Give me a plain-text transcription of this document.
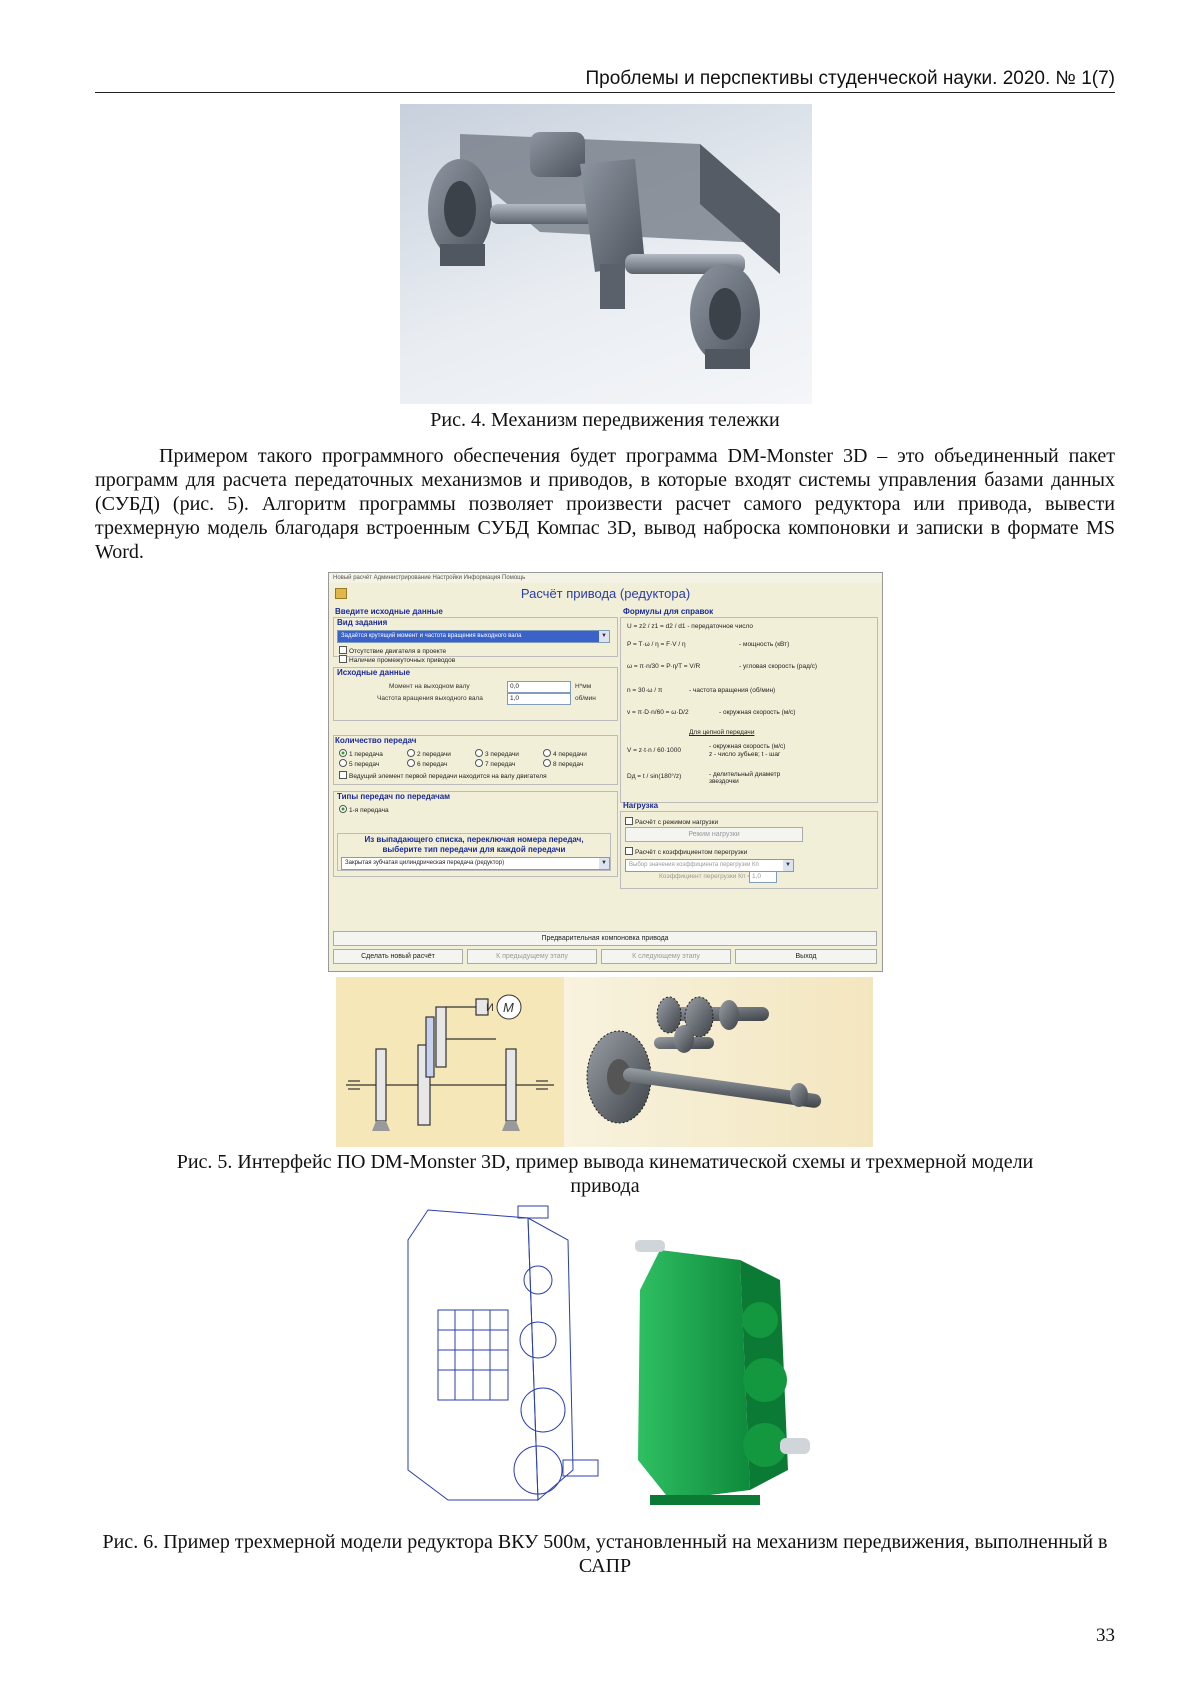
Проблемы и перспективы студенческой науки. 2020. № 1(7)
Рис. 4. Механизм передвижения тележки

Примером такого программного обеспечения будет программа DM-Monster 3D – это объединенный пакет программ для расчета передаточных механизмов и приводов, в которые входят системы управления базами данных (СУБД) (рис. 5). Алгоритм программы позволяет произвести расчет самого редуктора или привода, вывести трехмерную модель благодаря встроенным СУБД Компас 3D, вывод наброска компоновки и записки в формате MS Word.

Новый расчёт Администрирование Настройки Информация Помощь
Расчёт привода (редуктора)
Введите исходные данные
Вид задания
Задаётся крутящий момент и частота вращения выходного вала	▼
Отсутствие двигателя в проекте
Наличие промежуточных приводов
Исходные данные
Момент на выходном валу	0,0	Н*мм
Частота вращения выходного вала	1,0	об/мин
Количество передач
1 передача	2 передачи	3 передачи	4 передачи
5 передач	6 передач	7 передач	8 передач
Ведущий элемент первой передачи находится на валу двигателя
Типы передач по передачам
1-я передача
Из выпадающего списка, переключая номера передач, выберите тип передачи для каждой передачи
Закрытая зубчатая цилиндрическая передача (редуктор)	▼
Формулы для справок
U = z2 / z1 = d2 / d1 - передаточное число
P = T·ω / η = F·V / η	- мощность (кВт)
ω = π·n/30 = P·η/T = V/R	- угловая скорость (рад/с)
n = 30·ω / π	- частота вращения (об/мин)
v = π·D·n/60 = ω·D/2	- окружная скорость (м/с)
Для цепной передачи
V = z·t·n / 60·1000
- окружная скорость (м/с)
z - число зубьев; t - шаг
Dд = t / sin(180°/z)	- делительный диаметр звездочки
Нагрузка
Расчёт с режимом нагрузки
Режим нагрузки
Расчёт с коэффициентом перегрузки
Выбор значения коэффициента перегрузки Кп	▼
Коэффициент перегрузки Кп = 1,0
Предварительная компоновка привода
Сделать новый расчёт	К предыдущему этапу	К следующему этапу	Выход
М
И
Рис. 5. Интерфейс ПО DM-Monster 3D, пример вывода кинематической схемы и трехмерной модели привода
Рис. 6. Пример трехмерной модели редуктора ВКУ 500м, установленный на механизм передвижения, выполненный в САПР
33
